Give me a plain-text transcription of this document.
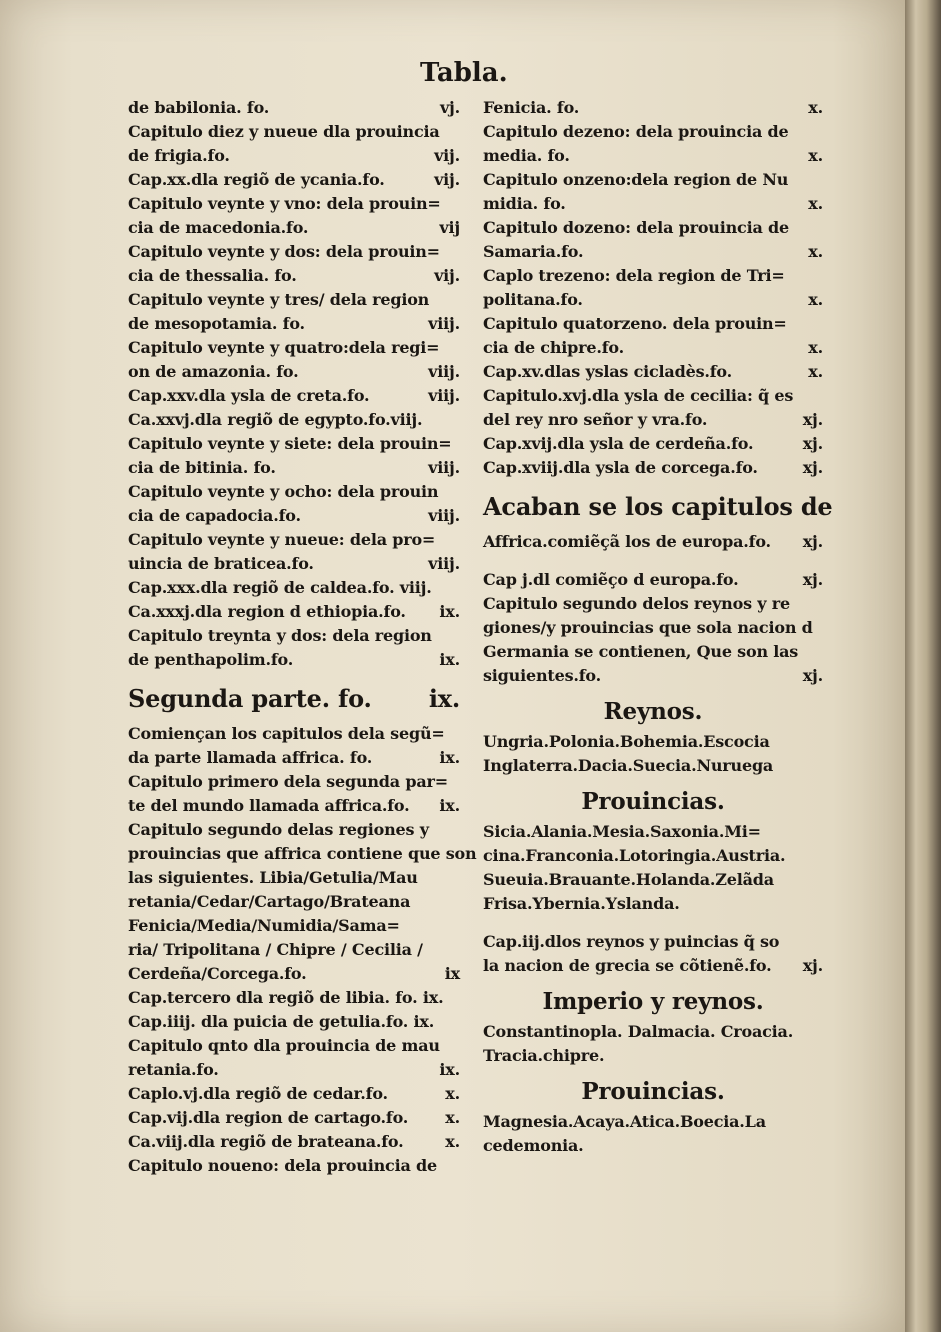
Tabla.
de babilonia. fo.	vj.
Capitulo diez y nueue dla prouincia
de frigia.fo.	vij.
Cap.xx.dla regiõ de ycania.fo.	vij.
Capitulo veynte y vno: dela prouin=
cia de macedonia.fo.	vij
Capitulo veynte y dos: dela prouin=
cia de thessalia. fo.	vij.
Capitulo veynte y tres/ dela region
de mesopotamia. fo.	viij.
Capitulo veynte y quatro:dela regi=
on de amazonia. fo.	viij.
Cap.xxv.dla ysla de creta.fo.	viij.
Ca.xxvj.dla regiõ de egypto.fo.viij.
Capitulo veynte y siete: dela prouin=
cia de bitinia. fo.	viij.
Capitulo veynte y ocho: dela prouin
cia de capadocia.fo.	viij.
Capitulo veynte y nueue: dela pro=
uincia de braticea.fo.	viij.
Cap.xxx.dla regiõ de caldea.fo. viij.
Ca.xxxj.dla region d ethiopia.fo. ix.
Capitulo treynta y dos: dela region
de penthapolim.fo.	ix.
Segunda parte. fo. ix.
Comiençan los capitulos dela segũ=
da parte llamada affrica. fo.	ix.
Capitulo primero dela segunda par=
te del mundo llamada affrica.fo. ix.
Capitulo segundo delas regiones y
prouincias que affrica contiene que son
las siguientes. Libia/Getulia/Mau
retania/Cedar/Cartago/Brateana
Fenicia/Media/Numidia/Sama=
ria/ Tripolitana / Chipre / Cecilia /
Cerdeña/Corcega.fo.	ix
Cap.tercero dla regiõ de libia. fo. ix.
Cap.iiij. dla puicia de getulia.fo. ix.
Capitulo qnto dla prouincia de mau
retania.fo.	ix.
Caplo.vj.dla regiõ de cedar.fo.	x.
Cap.vij.dla region de cartago.fo. x.
Ca.viij.dla regiõ de brateana.fo.	x.
Capitulo noueno: dela prouincia de
Fenicia. fo.	x.
Capitulo dezeno: dela prouincia de
media. fo.	x.
Capitulo onzeno:dela region de Nu
midia. fo.	x.
Capitulo dozeno: dela prouincia de
Samaria.fo.	x.
Caplo trezeno: dela region de Tri=
politana.fo.	x.
Capitulo quatorzeno. dela prouin=
cia de chipre.fo.	x.
Cap.xv.dlas yslas cicladès.fo.	x.
Capitulo.xvj.dla ysla de cecilia: q̃ es
del rey nro señor y vra.fo.	xj.
Cap.xvij.dla ysla de cerdeña.fo.	xj.
Cap.xviij.dla ysla de corcega.fo.	xj.
Acaban se los capitulos de
Affrica.comiẽçã los de europa.fo. xj.
Cap j.dl comiẽço d europa.fo.	xj.
Capitulo segundo delos reynos y re
giones/y prouincias que sola nacion d
Germania se contienen, Que son las
siguientes.fo.	xj.
Reynos.
Ungria.Polonia.Bohemia.Escocia
Inglaterra.Dacia.Suecia.Nuruega
Prouincias.
Sicia.Alania.Mesia.Saxonia.Mi=
cina.Franconia.Lotoringia.Austria.
Sueuia.Brauante.Holanda.Zelãda
Frisa.Ybernia.Yslanda.
Cap.iij.dlos reynos y puincias q̃ so
la nacion de grecia se cõtienẽ.fo. xj.
Imperio y reynos.
Constantinopla. Dalmacia. Croacia.
Tracia.chipre.
Prouincias.
Magnesia.Acaya.Atica.Boecia.La
cedemonia.
